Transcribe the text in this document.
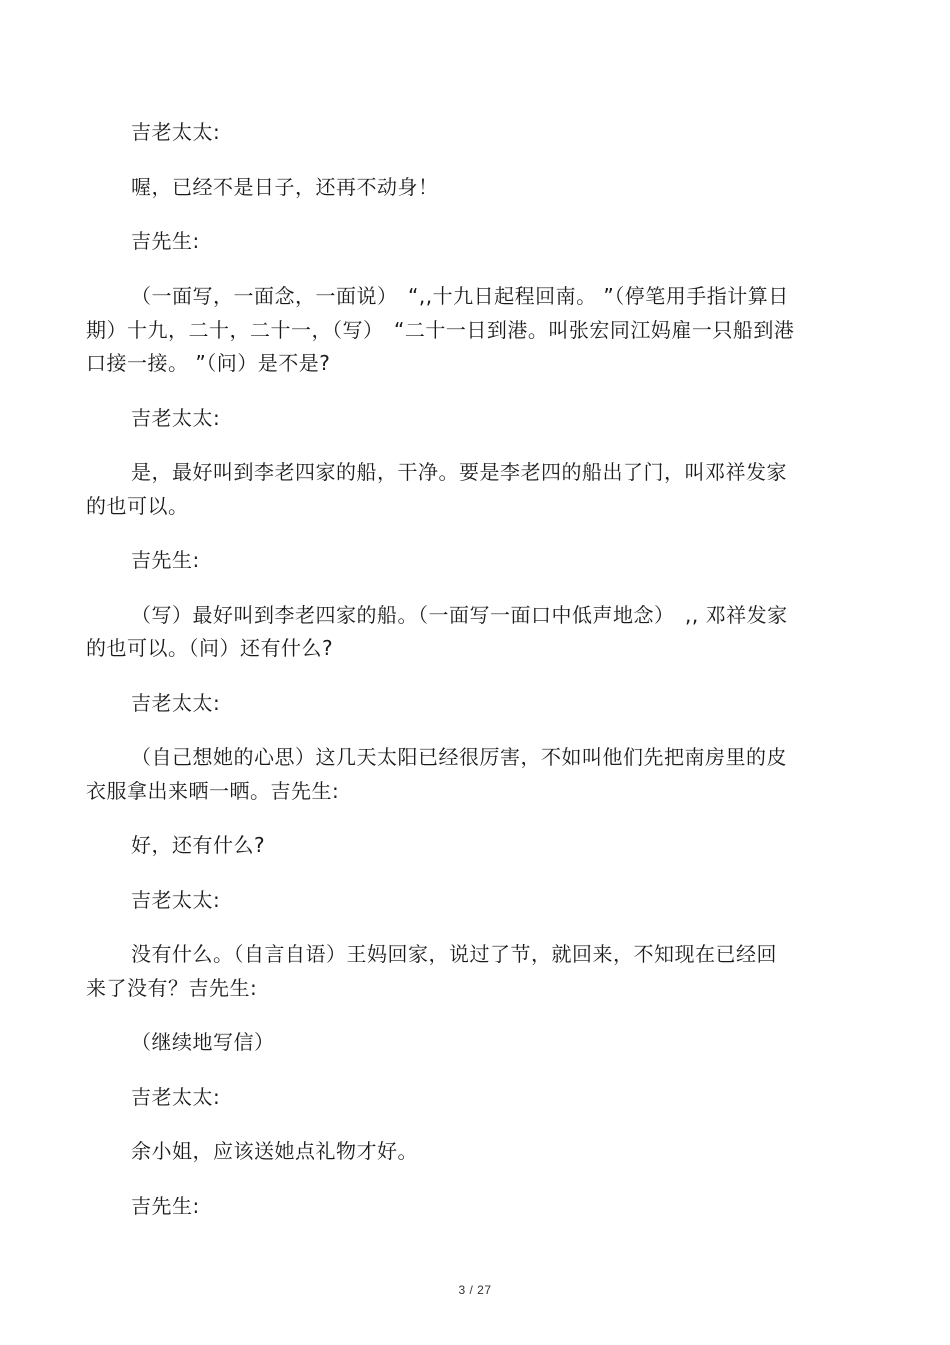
吉老太太:
喔，已经不是日子，还再不动身！
吉先生:
（一面写，一面念，一面说）　“,,十九日起程回南。 ”（停笔用手指计算日
期）十九，二十，二十一，（写）　“二十一日到港。叫张宏同江妈雇一只船到港
口接一接。 ”（问）是不是?
吉老太太:
是，最好叫到李老四家的船，干净。要是李老四的船出了门，叫邓祥发家
的也可以。
吉先生:
（写）最好叫到李老四家的船。（一面写一面口中低声地念）　,, 邓祥发家
的也可以。（问）还有什么?
吉老太太:
（自己想她的心思）这几天太阳已经很厉害，不如叫他们先把南房里的皮
衣服拿出来晒一晒。吉先生:
好，还有什么?
吉老太太:
没有什么。（自言自语）王妈回家，说过了节，就回来，不知现在已经回
来了没有？吉先生:
（继续地写信）
吉老太太:
余小姐，应该送她点礼物才好。
吉先生:
3 / 27
